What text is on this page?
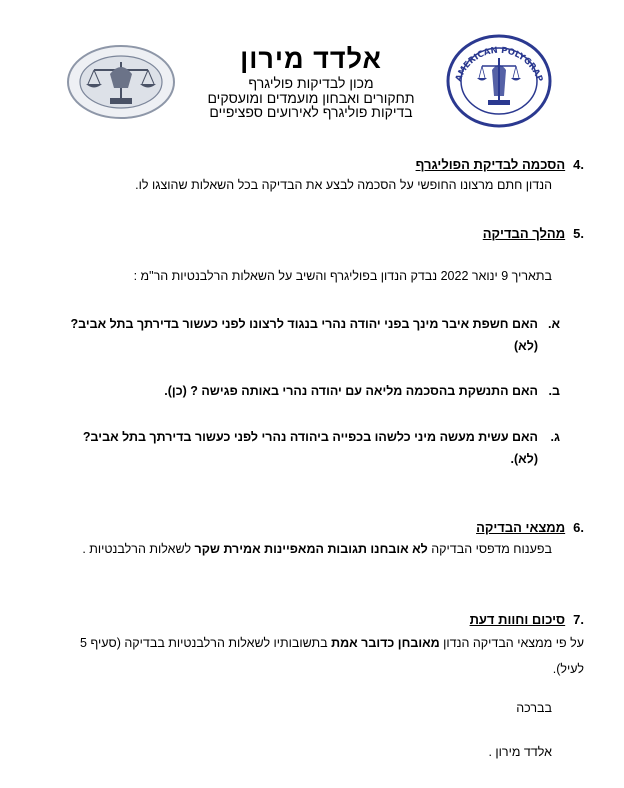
אלדד מירון
מכון לבדיקות פוליגרף
תחקורים ואבחון מועמדים ומועסקים
בדיקות פוליגרף לאירועים ספציפיים
AMERICAN POLYGRAP
.4הסכמה לבדיקת הפוליגרף
הנדון חתם מרצונו החופשי על הסכמה לבצע את הבדיקה בכל השאלות שהוצגו לו.
.5מהלך הבדיקה
בתאריך 9 ינואר 2022 נבדק הנדון בפוליגרף והשיב על השאלות הרלבנטיות הר"מ :
א.
האם חשפת איבר מינך בפני יהודה נהרי בנגוד לרצונו לפני כעשור בדירתך בתל אביב? (לא)
ב.
האם התנשקת בהסכמה מליאה עם יהודה נהרי באותה פגישה ? (כן).
ג.
האם עשית מעשה מיני כלשהו בכפייה ביהודה נהרי לפני כעשור בדירתך בתל אביב? (לא).
.6ממצאי הבדיקה
בפענוח מדפסי הבדיקה לא אובחנו תגובות המאפיינות אמירת שקר לשאלות הרלבנטיות .
.7סיכום וחוות דעת
על פי ממצאי הבדיקה הנדון מאובחן כדובר אמת בתשובותיו לשאלות הרלבנטיות בבדיקה (סעיף 5 לעיל).
בברכה
אלדד מירון .
